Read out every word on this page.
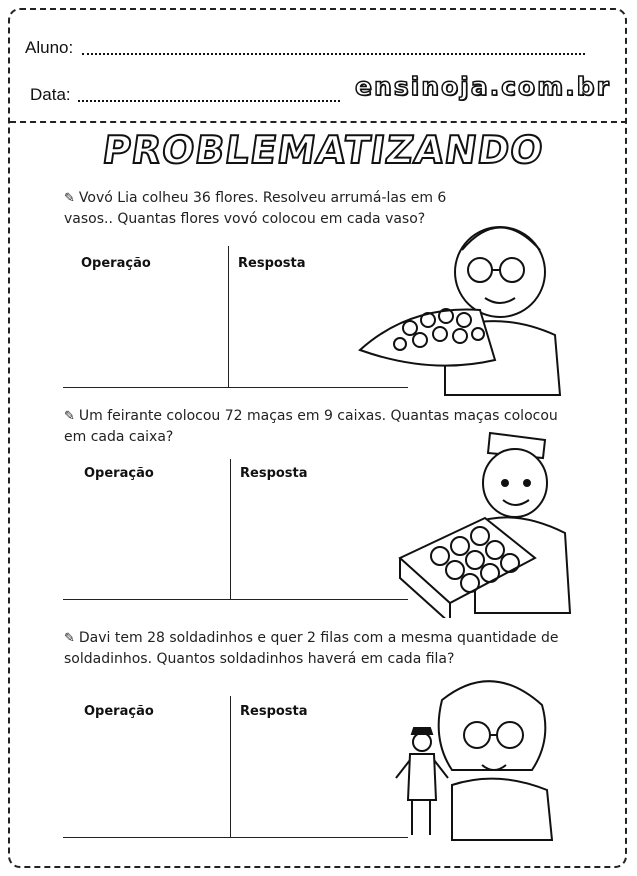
Aluno:
Data:	ensinoja.com.br
PROBLEMATIZANDO
✎ Vovó Lia colheu 36 flores. Resolveu arrumá-las em 6 vasos.. Quantas flores vovó colocou em cada vaso?
Operação	Resposta
✎ Um feirante colocou 72 maças em 9 caixas. Quantas maças colocou em cada caixa?
Operação	Resposta
✎ Davi tem 28 soldadinhos e quer 2 filas com a mesma quantidade de soldadinhos. Quantos soldadinhos haverá em cada fila?
Operação	Resposta
